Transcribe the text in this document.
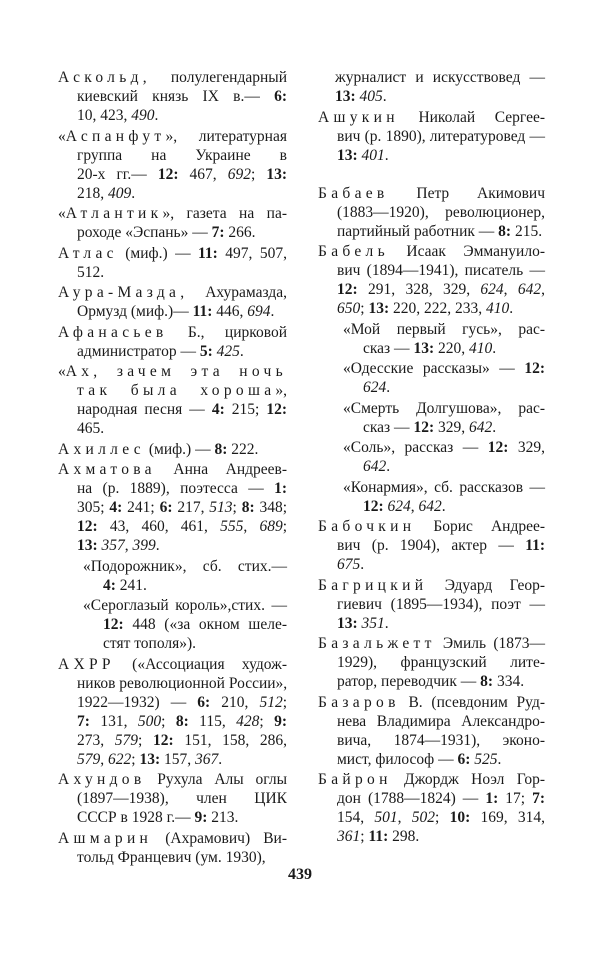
Аскольд, полулегендарный
киевский князь IX в.— 6:
10, 423, 490.
«Аспанфут», литературная
группа на Украине в
20-х гг.— 12: 467, 692; 13:
218, 409.
«Атлантик», газета на па-
роходе «Эспань» — 7: 266.
Атлас (миф.) — 11: 497, 507,
512.
Аура-Мазда, Ахурамазда,
Ормузд (миф.)— 11: 446, 694.
Афанасьев Б., цирковой
администратор — 5: 425.
«Ах, зачем эта ночь
так была хороша»,
народная песня — 4: 215; 12:
465.
Ахиллес (миф.) — 8: 222.
Ахматова Анна Андреев-
на (р. 1889), поэтесса — 1:
305; 4: 241; 6: 217, 513; 8: 348;
12: 43, 460, 461, 555, 689;
13: 357, 399.
«Подорожник», сб. стих.—
4: 241.
«Сероглазый король»,стих. —
12: 448 («за окном шеле-
стят тополя»).
АХРР («Ассоциация худож-
ников революционной России»,
1922—1932) — 6: 210, 512;
7: 131, 500; 8: 115, 428; 9:
273, 579; 12: 151, 158, 286,
579, 622; 13: 157, 367.
Ахундов Рухула Алы оглы
(1897—1938), член ЦИК
СССР в 1928 г.— 9: 213.
Ашмарин (Ахрамович) Ви-
тольд Францевич (ум. 1930),
журналист и искусствовед —
13: 405.
Ашукин Николай Сергее-
вич (р. 1890), литературовед —
13: 401.
Бабаев Петр Акимович
(1883—1920), революционер,
партийный работник — 8: 215.
Бабель Исаак Эммануило-
вич (1894—1941), писатель —
12: 291, 328, 329, 624, 642,
650; 13: 220, 222, 233, 410.
«Мой первый гусь», рас-
сказ — 13: 220, 410.
«Одесские рассказы» — 12:
624.
«Смерть Долгушова», рас-
сказ — 12: 329, 642.
«Соль», рассказ — 12: 329,
642.
«Конармия», сб. рассказов —
12: 624, 642.
Бабочкин Борис Андрее-
вич (р. 1904), актер — 11:
675.
Багрицкий Эдуард Геор-
гиевич (1895—1934), поэт —
13: 351.
Базальжетт Эмиль (1873—
1929), французский лите-
ратор, переводчик — 8: 334.
Базаров В. (псевдоним Руд-
нева Владимира Александро-
вича, 1874—1931), эконо-
мист, философ — 6: 525.
Байрон Джордж Ноэл Гор-
дон (1788—1824) — 1: 17; 7:
154, 501, 502; 10: 169, 314,
361; 11: 298.
439
